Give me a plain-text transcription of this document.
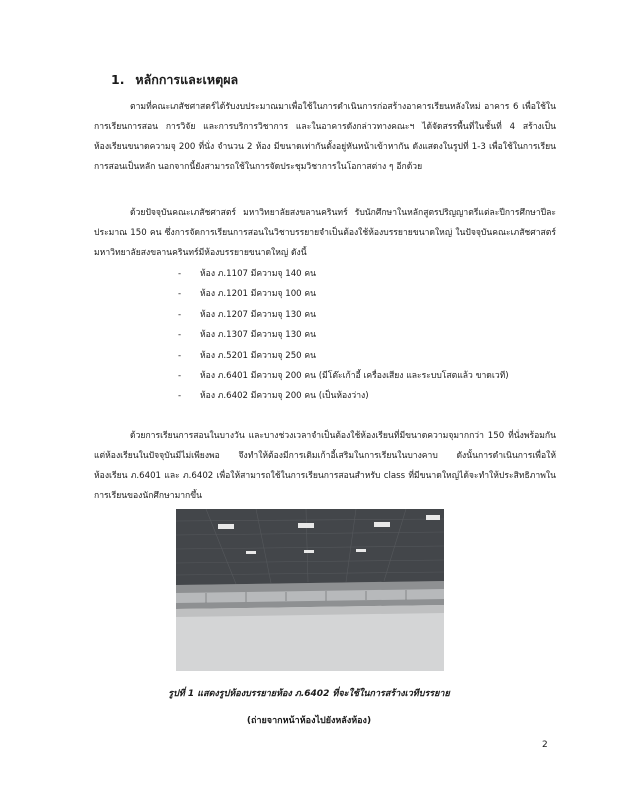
1. หลักการและเหตุผล

ตามที่คณะเภสัชศาสตร์ได้รับงบประมาณมาเพื่อใช้ในการดำเนินการก่อสร้างอาคารเรียนหลังใหม่ อาคาร 6 เพื่อใช้ในการเรียนการสอน การวิจัย และการบริการวิชาการ และในอาคารดังกล่าวทางคณะฯ ได้จัดสรรพื้นที่ในชั้นที่ 4 สร้างเป็นห้องเรียนขนาดความจุ 200 ที่นั่ง จำนวน 2 ห้อง มีขนาดเท่ากันตั้งอยู่หันหน้าเข้าหากัน ดังแสดงในรูปที่ 1-3 เพื่อใช้ในการเรียนการสอนเป็นหลัก นอกจากนี้ยังสามารถใช้ในการจัดประชุมวิชาการในโอกาสต่าง ๆ อีกด้วย

ด้วยปัจจุบันคณะเภสัชศาสตร์ มหาวิทยาลัยสงขลานครินทร์ รับนักศึกษาในหลักสูตรปริญญาตรีแต่ละปีการศึกษาปีละประมาณ 150 คน ซึ่งการจัดการเรียนการสอนในวิชาบรรยายจำเป็นต้องใช้ห้องบรรยายขนาดใหญ่ ในปัจจุบันคณะเภสัชศาสตร์ มหาวิทยาลัยสงขลานครินทร์มีห้องบรรยายขนาดใหญ่ ดังนี้

- ห้อง ภ.1107 มีความจุ 140 คน
- ห้อง ภ.1201 มีความจุ 100 คน
- ห้อง ภ.1207 มีความจุ 130 คน
- ห้อง ภ.1307 มีความจุ 130 คน
- ห้อง ภ.5201 มีความจุ 250 คน
- ห้อง ภ.6401 มีความจุ 200 คน (มีโต๊ะเก้าอี้ เครื่องเสียง และระบบโสตแล้ว ขาดเวที)
- ห้อง ภ.6402 มีความจุ 200 คน (เป็นห้องว่าง)

ด้วยการเรียนการสอนในบางวัน และบางช่วงเวลาจำเป็นต้องใช้ห้องเรียนที่มีขนาดความจุมากกว่า 150 ที่นั่งพร้อมกัน แต่ห้องเรียนในปัจจุบันมีไม่เพียงพอ จึงทำให้ต้องมีการเติมเก้าอี้เสริมในการเรียนในบางคาบ ดังนั้นการดำเนินการเพื่อให้ห้องเรียน ภ.6401 และ ภ.6402 เพื่อให้สามารถใช้ในการเรียนการสอนสำหรับ class ที่มีขนาดใหญ่ได้จะทำให้ประสิทธิภาพในการเรียนของนักศึกษามากขึ้น

รูปที่ 1 แสดงรูปห้องบรรยายห้อง ภ.6402 ที่จะใช้ในการสร้างเวทีบรรยาย

(ถ่ายจากหน้าห้องไปยังหลังห้อง)

2
